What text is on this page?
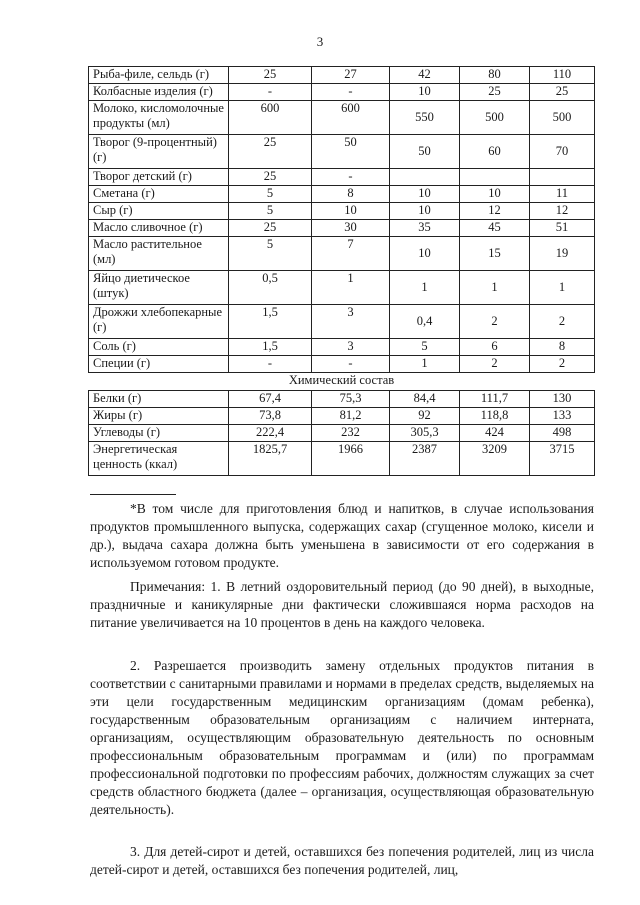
3
Рыба-филе, сельдь (г)	25	27	42	80	110
Колбасные изделия (г)	-	-	10	25	25
Молоко, кисломолочные продукты (мл)	600	600	550	500	500
Творог (9-процентный) (г)	25	50	50	60	70
Творог детский (г)	25	-			
Сметана (г)	5	8	10	10	11
Сыр (г)	5	10	10	12	12
Масло сливочное (г)	25	30	35	45	51
Масло растительное (мл)	5	7	10	15	19
Яйцо диетическое (штук)	0,5	1	1	1	1
Дрожжи хлебопекарные (г)	1,5	3	0,4	2	2
Соль (г)	1,5	3	5	6	8
Специи (г)	-	-	1	2	2
Химический состав					
Белки (г)	67,4	75,3	84,4	111,7	130
Жиры (г)	73,8	81,2	92	118,8	133
Углеводы (г)	222,4	232	305,3	424	498
Энергетическая ценность (ккал)	1825,7	1966	2387	3209	3715

*В том числе для приготовления блюд и напитков, в случае использования продуктов промышленного выпуска, содержащих сахар (сгущенное молоко, кисели и др.), выдача сахара должна быть уменьшена в зависимости от его содержания в используемом готовом продукте.

Примечания: 1. В летний оздоровительный период (до 90 дней), в выходные, праздничные и каникулярные дни фактически сложившаяся норма расходов на питание увеличивается на 10 процентов в день на каждого человека.

2. Разрешается производить замену отдельных продуктов питания в соответствии с санитарными правилами и нормами в пределах средств, выделяемых на эти цели государственным медицинским организациям (домам ребенка), государственным образовательным организациям с наличием интерната, организациям, осуществляющим образовательную деятельность по основным профессиональным образовательным программам и (или) по программам профессиональной подготовки по профессиям рабочих, должностям служащих за счет средств областного бюджета (далее – организация, осуществляющая образовательную деятельность).

3. Для детей-сирот и детей, оставшихся без попечения родителей, лиц из числа детей-сирот и детей, оставшихся без попечения родителей, лиц,
